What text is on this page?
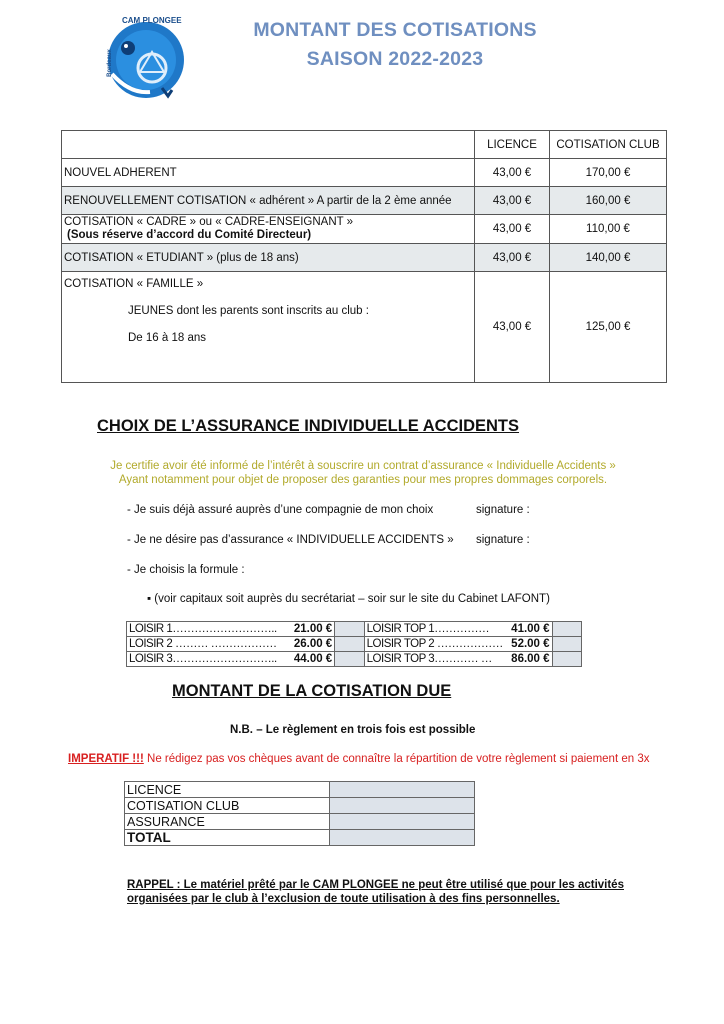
CAM PLONGEE
Bordeaux
MONTANT DES COTISATIONS
SAISON 2022-2023
	LICENCE	COTISATION CLUB
NOUVEL ADHERENT	43,00 €	170,00 €
RENOUVELLEMENT COTISATION « adhérent » A partir de la 2 ème année	43,00 €	160,00 €
COTISATION « CADRE » ou « CADRE-ENSEIGNANT »
(Sous réserve d’accord du Comité Directeur)	43,00 €	110,00 €
COTISATION « ETUDIANT » (plus de 18 ans)	43,00 €	140,00 €

COTISATION « FAMILLE »
JEUNES dont les parents sont inscrits au club :
De 16 à 18 ans	43,00 €	125,00 €
CHOIX DE L’ASSURANCE INDIVIDUELLE ACCIDENTS
Je certifie avoir été informé de l’intérêt à souscrire un contrat d’assurance « Individuelle Accidents »
Ayant notamment pour objet de proposer des garanties pour mes propres dommages corporels.
- Je suis déjà assuré auprès d’une compagnie de mon choix	signature :
- Je ne désire pas d’assurance « INDIVIDUELLE ACCIDENTS » signature :
- Je choisis la formule :
▪ (voir capitaux soit auprès du secrétariat – soir sur le site du Cabinet LAFONT)
LOISIR 1……………………….. 21.00 €		LOISIR TOP 1…………… 41.00 €	

LOISIR 2 ……… ……………… 26.00 €		LOISIR TOP 2 ……………… 52.00 €	

LOISIR 3……………………….. 44.00 €		LOISIR TOP 3………… … 86.00 €	

MONTANT DE LA COTISATION DUE
N.B. – Le règlement en trois fois est possible
IMPERATIF !!! Ne rédigez pas vos chèques avant de connaître la répartition de votre règlement si paiement en 3x
LICENCE	
COTISATION CLUB	
ASSURANCE	
TOTAL	
RAPPEL : Le matériel prêté par le CAM PLONGEE ne peut être utilisé que pour les activités organisées par le club à l’exclusion de toute utilisation à des fins personnelles.
